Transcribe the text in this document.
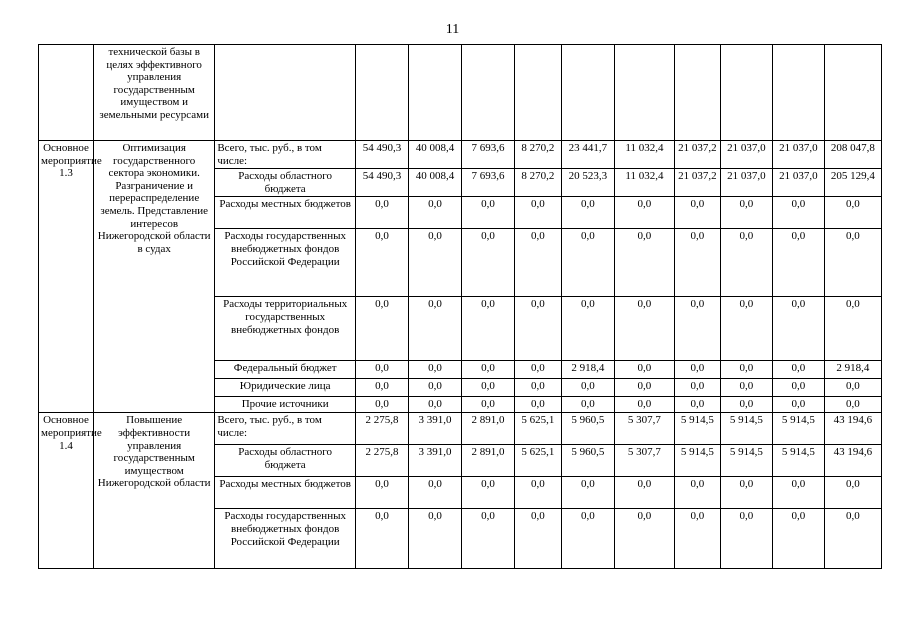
11
	технической базы в целях эффективного управления государственным имуществом и земельными ресурсами											
Основное мероприятие 1.3	Оптимизация государственного сектора экономики. Разграничение и перераспределение земель. Представление интересов Нижегородской области в судах	Всего, тыс. руб., в том числе:	54 490,3	40 008,4	7 693,6	8 270,2	23 441,7	11 032,4	21 037,2	21 037,0	21 037,0	208 047,8
		Расходы областного бюджета	54 490,3	40 008,4	7 693,6	8 270,2	20 523,3	11 032,4	21 037,2	21 037,0	21 037,0	205 129,4
		Расходы местных бюджетов	0,0	0,0	0,0	0,0	0,0	0,0	0,0	0,0	0,0	0,0
		Расходы государственных внебюджетных фондов Российской Федерации	0,0	0,0	0,0	0,0	0,0	0,0	0,0	0,0	0,0	0,0
		Расходы территориальных государственных внебюджетных фондов	0,0	0,0	0,0	0,0	0,0	0,0	0,0	0,0	0,0	0,0
		Федеральный бюджет	0,0	0,0	0,0	0,0	2 918,4	0,0	0,0	0,0	0,0	2 918,4
		Юридические лица	0,0	0,0	0,0	0,0	0,0	0,0	0,0	0,0	0,0	0,0
		Прочие источники	0,0	0,0	0,0	0,0	0,0	0,0	0,0	0,0	0,0	0,0
Основное мероприятие 1.4	Повышение эффективности управления государственным имуществом Нижегородской области	Всего, тыс. руб., в том числе:	2 275,8	3 391,0	2 891,0	5 625,1	5 960,5	5 307,7	5 914,5	5 914,5	5 914,5	43 194,6
		Расходы областного бюджета	2 275,8	3 391,0	2 891,0	5 625,1	5 960,5	5 307,7	5 914,5	5 914,5	5 914,5	43 194,6
		Расходы местных бюджетов	0,0	0,0	0,0	0,0	0,0	0,0	0,0	0,0	0,0	0,0
		Расходы государственных внебюджетных фондов Российской Федерации	0,0	0,0	0,0	0,0	0,0	0,0	0,0	0,0	0,0	0,0
